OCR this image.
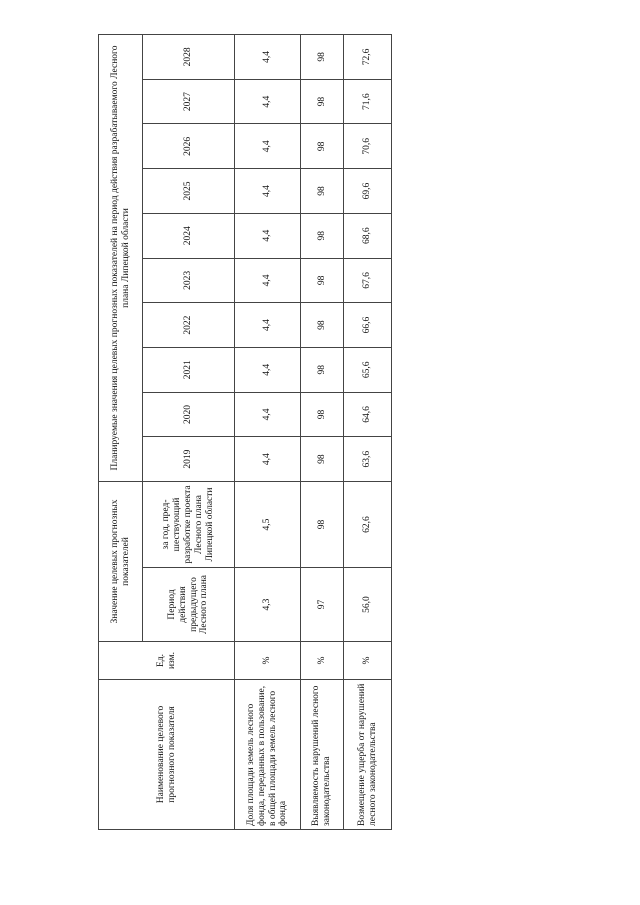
Наименование целевого прогнозного показателя	Ед. изм.	Значение целевых прогнозных показателей		Планируемые значения целевых прогнозных показателей на период действия разрабатываемого Лесного плана Липецкой области									
		Период действия предыдущего Лесного плана	за год, пред-шествующий разработке проекта Лесного плана Липецкой области	2019	2020	2021	2022	2023	2024	2025	2026	2027	2028
Доля площади земель лесного фонда, переданных в пользование, в общей площади земель лесного фонда	%	4,3	4,5	4,4	4,4	4,4	4,4	4,4	4,4	4,4	4,4	4,4	4,4
Выявляемость нарушений лесного законодательства	%	97	98	98	98	98	98	98	98	98	98	98	98
Возмещение ущерба от нарушений лесного законодательства	%	56,0	62,6	63,6	64,6	65,6	66,6	67,6	68,6	69,6	70,6	71,6	72,6
